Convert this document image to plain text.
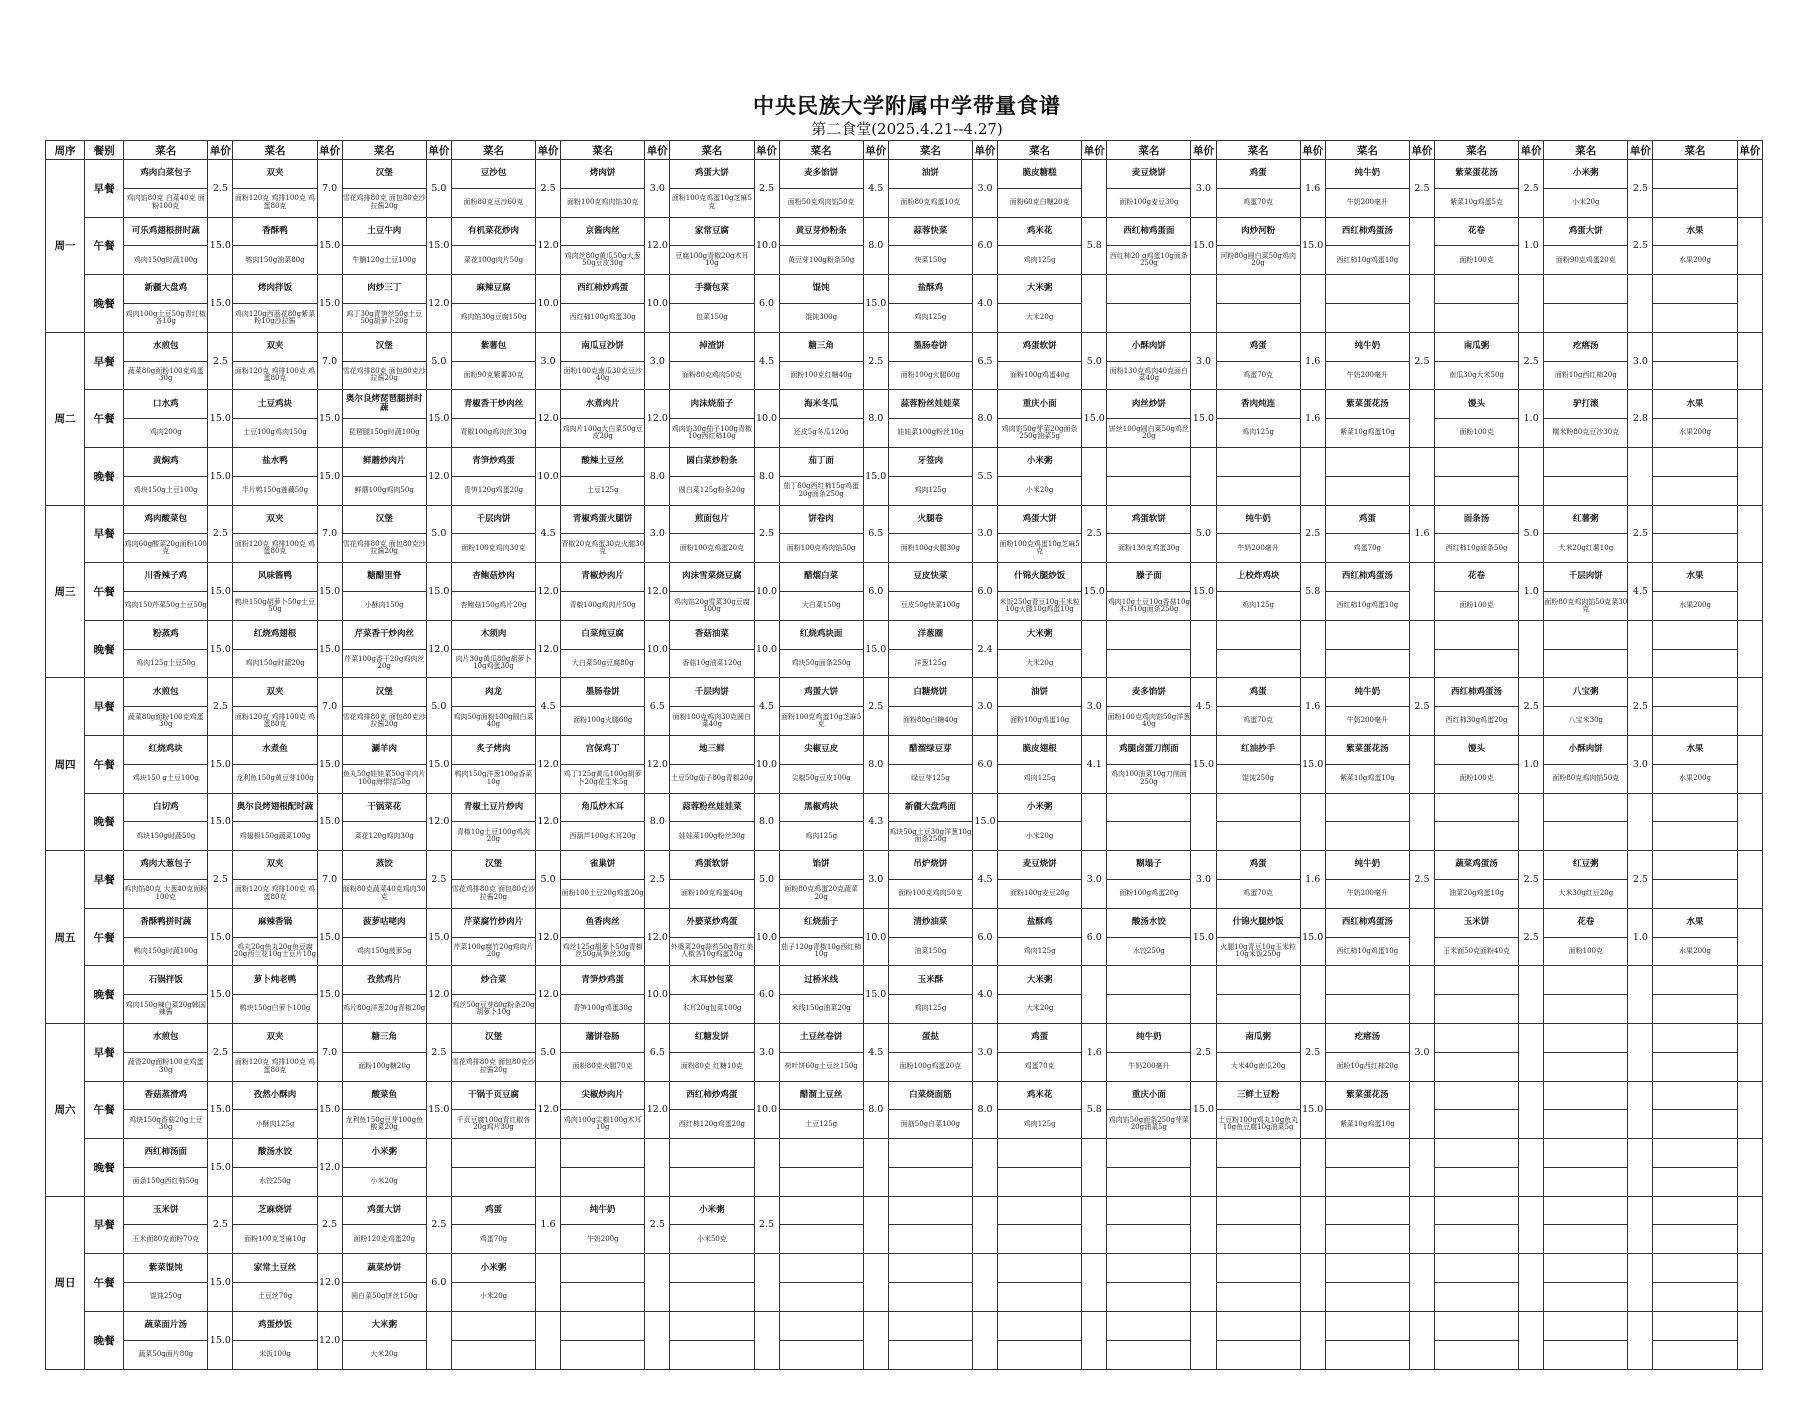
中央民族大学附属中学带量食谱
第二食堂(2025.4.21--4.27)
周序	餐别	菜名	单价	菜名	单价	菜名	单价	菜名	单价	菜名	单价	菜名	单价	菜名	单价	菜名	单价	菜名	单价	菜名	单价	菜名	单价	菜名	单价	菜名	单价	菜名	单价	菜名	单价
周一	早餐	鸡肉白菜包子	2.5	双夹	7.0	汉堡	5.0	豆沙包	2.5	烤肉饼	3.0	鸡蛋大饼	2.5	麦多馅饼	4.5	油饼	3.0	脆皮糖糕		麦豆烧饼	3.0	鸡蛋	1.6	纯牛奶	2.5	紫菜蛋花汤	2.5	小米粥	2.5		
		鸡肉馅80克 白菜40克 面粉100克		面粉120克 鸡排100克 鸡蛋80克		雪花鸡排80克 面包80克沙拉酱20g		面粉80克豆沙60克		面粉100克鸡肉馅30克		面粉100克鸡蛋10g芝麻5克		面粉50克鸡肉馅50克		面粉80克鸡蛋10克		面粉60克白糖20克		面粉100g麦豆30g		鸡蛋70克		牛奶200毫升		紫菜10g鸡蛋5克		小米20g			
	午餐	可乐鸡翅根拼时蔬	15.0	香酥鸭	15.0	土豆牛肉	15.0	有机菜花炒肉	12.0	京酱肉丝	12.0	家常豆腐	10.0	黄豆芽炒粉条	8.0	蒜蓉快菜	6.0	鸡米花	5.8	西红柿鸡蛋面	15.0	肉炒河粉	15.0	西红柿鸡蛋汤		花卷	1.0	鸡蛋大饼	2.5	水果	
		鸡肉150g时蔬100g		鸭肉150g油菜80g		牛腩120g土豆100g		菜花100g肉片50g		鸡肉丝80g黄瓜50g大葱50g豆皮30g		豆腐100g青椒20g木耳10g		黄豆芽100g粉条50g		快菜150g		鸡肉125g		西红柿20 g鸡蛋10g面条250g		河粉80g圆白菜50g鸡肉20g		西红柿10g鸡蛋10g		面粉100克		面粉90克鸡蛋20克		水果200g	
	晚餐	新疆大盘鸡	15.0	烤肉拌饭	15.0	肉炒三丁	12.0	麻辣豆腐	10.0	西红柿炒鸡蛋	10.0	手撕包菜	6.0	馄饨	15.0	盐酥鸡	4.0	大米粥													
		鸡肉100g土豆50g青红椒各10g		鸡肉120g西蓝花80g紫菜粉10g沙拉酱		鸡丁30g青笋丝50g土豆50g胡萝卜20g		鸡肉馅30g豆腐150g		西红柿100g鸡蛋30g		包菜150g		馄饨300g		鸡肉125g		大米20g													
周二	早餐	水煎包	2.5	双夹	7.0	汉堡	5.0	紫薯包	3.0	南瓜豆沙饼	3.0	掉渣饼	4.5	糖三角	2.5	墨肠卷饼	6.5	鸡蛋软饼	5.0	小酥肉饼	3.0	鸡蛋	1.6	纯牛奶	2.5	南瓜粥	2.5	疙瘩汤	3.0		
		蔬菜80g面粉100克鸡蛋30g		面粉120克 鸡排100克 鸡蛋80克		雪花鸡排80克 面包80克沙拉酱20g		面粉90克紫薯30克		面粉100克南瓜30克豆沙40g		面粉80克鸡肉50克		面粉100克红糖40g		面粉100g火腿60g		面粉100g鸡蛋40g		面粉130克鸡肉40克面白菜40g		鸡蛋70克		牛奶200毫升		南瓜30g大米50g		面粉10g西红柿20g			
	午餐	口水鸡	15.0	土豆鸡块	15.0	奥尔良烤琵琶腿拼时蔬	15.0	青椒香干炒肉丝	12.0	水煮肉片	12.0	肉沫烧茄子	10.0	海米冬瓜	8.0	蒜蓉粉丝娃娃菜	8.0	重庆小面	15.0	肉丝炒饼	15.0	香肉炖连	1.6	紫菜蛋花汤		馒头	1.0	驴打滚	2.8	水果	
		鸡肉200g		土豆100g鸡肉150g		琵琶腿150g时蔬100g		青椒100g鸡肉丝30g		鸡肉片100g大白菜50g豆皮20g		鸡肉馅30g茄子100g青椒10g西红柿10g		还皮5g冬瓜120g		娃娃菜100g粉丝10g		鸡肉馅50g芽菜20g面条250g油菜5g		饼丝100g圆白菜50g鸡丝20g		鸡肉125g		紫菜10g鸡蛋10g		面粉100克		糯米粉80克豆沙30克		水果200g	
	晚餐	黄焖鸡	15.0	盐水鸭	15.0	鲜蘑炒肉片	12.0	青笋炒鸡蛋	10.0	酸辣土豆丝	8.0	圆白菜炒粉条	8.0	茄丁面	15.0	牙签肉	5.5	小米粥													
		鸡块150g土豆100g		半片鸭150g莲藕50g		鲜蘑100g鸡肉50g		青笋120g鸡蛋20g		土豆125g		圆白菜125g粉条20g		茄丁60g西红柿15g鸡蛋20g面条250g		鸡肉125g		小米20g													
周三	早餐	鸡肉酸菜包	2.5	双夹	7.0	汉堡	5.0	千层肉饼	4.5	青椒鸡蛋火腿饼	3.0	煎面包片	2.5	饼卷肉	6.5	火腿卷	3.0	鸡蛋大饼	2.5	鸡蛋软饼	5.0	纯牛奶	2.5	鸡蛋	1.6	面条汤	5.0	红薯粥	2.5		
		鸡肉60g酸菜20g面粉100克		面粉120克 鸡排100克 鸡蛋80克		雪花鸡排80克 面包80克沙拉酱20g		面粉100克鸡肉30克		青椒20克鸡蛋30克火腿30克		面粉100克鸡蛋20克		面粉100克鸡肉馅50g		面粉100g火腿30g		面粉100克鸡蛋10g芝麻5克		面粉130克鸡蛋30g		牛奶200毫升		鸡蛋70g		西红柿10g面条50g		大米20g红薯10g			
	午餐	川香辣子鸡	15.0	风味酱鸭	15.0	糖醋里脊	15.0	杏鲍菇炒肉	12.0	青椒炒肉片	12.0	肉沫雪菜烧豆腐	10.0	醋熘白菜	6.0	豆皮快菜	6.0	什锦火腿炒饭	15.0	臊子面	15.0	上校炸鸡块	5.8	西红柿鸡蛋汤		花卷	1.0	千层肉饼	4.5	水果	
		鸡肉150芹菜50g土豆50g		鸭块150g胡萝卜50g土豆50g		小酥肉150g		杏鲍菇150g鸡片20g		青椒100g鸡肉片50g		鸡肉馅20g雪菜30g豆腐100g		大白菜150g		豆皮50g快菜100g		米饭250g青豆10g玉米粒10g火腿10g鸡蛋10g		鸡肉10g土豆10g香菇10g木耳10g面条250g		鸡肉125g		西红柿10g鸡蛋10g		面粉100克		面粉80克鸡肉馅50克菜30克		水果200g	
	晚餐	粉蒸鸡	15.0	红烧鸡翅根	15.0	芹菜香干炒肉丝	12.0	木须肉	12.0	白菜炖豆腐	10.0	香菇油菜	10.0	红烧鸡块面	15.0	洋葱圈	2.4	大米粥													
		鸡肉125g土豆50g		鸡肉150g时蔬20g		芹菜100g香干20g鸡肉丝20g		肉片30g黄瓜80g胡萝卜10g鸡蛋30g		大白菜50g豆腐80g		香菇10g油菜120g		鸡块50g面条250g		洋葱125g		大米20g													
周四	早餐	水煎包	2.5	双夹	7.0	汉堡	5.0	肉龙	4.5	墨肠卷饼	6.5	千层肉饼	4.5	鸡蛋大饼	2.5	白糖烧饼	3.0	油饼	3.0	麦多馅饼	4.5	鸡蛋	1.6	纯牛奶	2.5	西红柿鸡蛋汤	2.5	八宝粥	2.5		
		蔬菜80g面粉100克鸡蛋30g		面粉120克 鸡排100克 鸡蛋80克		雪花鸡排80克 面包80克沙拉酱20g		鸡肉50g面粉100g圆白菜40g		面粉100g火腿60g		面粉100克鸡肉30克圆白菜40g		面粉100克鸡蛋10g芝麻5克		面粉80g白糖40g		面粉100g鸡蛋10g		面粉100克鸡肉馅50g洋葱40g		鸡蛋70克		牛奶200毫升		西红柿30g鸡蛋20g		八宝米30g			
	午餐	红烧鸡块	15.0	水煮鱼	15.0	涮羊肉	15.0	炙子烤肉	12.0	宫保鸡丁	12.0	地三鲜	10.0	尖椒豆皮	8.0	醋溜绿豆芽	6.0	脆皮翅根	4.1	鸡腿卤蛋刀削面	15.0	红油抄手	15.0	紫菜蛋花汤		馒头	1.0	小酥肉饼	3.0	水果	
		鸡块150 g土豆100g		龙利鱼150g黄豆芽100g		鱼丸50g娃娃菜50g羊肉片100g海带结50g		鸭肉150g洋葱100g香菜10g		鸡丁125g黄瓜100g胡萝卜20g花生米5g		土豆50g茄子80g青椒20g		尖椒50g豆皮100g		绿豆芽125g		鸡肉125g		鸡肉100油菜10g刀削面250g		馄饨250g		紫菜10g鸡蛋10g		面粉100克		面粉80克鸡肉馅50克		水果200g	
	晚餐	白切鸡	15.0	奥尔良烤翅根配时蔬	15.0	干锅菜花	12.0	青椒土豆片炒肉	12.0	角瓜炒木耳	8.0	蒜蓉粉丝娃娃菜	8.0	黑椒鸡块	4.3	新疆大盘鸡面	15.0	小米粥													
		鸡块150g时蔬50g		鸡翅根150g蔬菜100g		菜花120g鸡肉30g		青椒10g土豆100g鸡肉20g		西葫芦100g木耳20g		娃娃菜100g粉丝30g		鸡肉125g		鸡块50g土豆30g洋葱10g面条250g		小米20g													
周五	早餐	鸡肉大葱包子	2.5	双夹	7.0	蒸饺	2.5	汉堡	5.0	雀巢饼	2.5	鸡蛋软饼	5.0	馅饼	3.0	吊炉烧饼	4.5	麦豆烧饼	3.0	糊塌子	3.0	鸡蛋	1.6	纯牛奶	2.5	蔬菜鸡蛋汤	2.5	红豆粥	2.5		
		鸡肉馅80克 大葱40克面粉100克		面粉120克 鸡排100克 鸡蛋80克		面粉80克蔬菜40克鸡肉30克		雪花鸡排80克 面包80克沙拉酱20g		面粉100土豆20g鸡蛋20g		面粉100克鸡蛋40g		面粉80克鸡蛋20克蔬菜20g		面粉100克鸡肉50克		面粉100g麦豆20g		面粉100g鸡蛋20g		鸡蛋70克		牛奶200毫升		油菜20g鸡蛋10g		大米30g红豆20g			
	午餐	香酥鸭拼时蔬	15.0	麻辣香锅	15.0	菠萝咕咾肉	15.0	芹菜腐竹炒肉片	12.0	鱼香肉丝	12.0	外婆菜炒鸡蛋	10.0	红烧茄子	10.0	清炒油菜	6.0	盐酥鸡	6.0	酸汤水饺	15.0	什锦火腿炒饭	15.0	西红柿鸡蛋汤		玉米饼	2.5	花卷	1.0	水果	
		鸭肉150g时蔬100g		鸡丸20g鱼丸20g鱼豆腐20g西兰花10g土豆片10g		鸡肉150g菠萝5g		芹菜100g腐竹20g鸡肉片20g		鸡丝125g胡萝卜50g青椒丝50g莴笋丝30g		外婆菜20g蒜苔50g青红美人椒各10g鸡蛋20g		茄子120g青椒10g西红柿10g		油菜150g		鸡肉125g		水饺250g		火腿10g青豆10g玉米粒10g米饭250g		西红柿10g鸡蛋10g		玉米面50克面粉40克		面粉100克		水果200g	
	晚餐	石锅拌饭	15.0	萝卜炖老鸭	15.0	孜然鸡片	12.0	炒合菜	12.0	青笋炒鸡蛋	10.0	木耳炒包菜	6.0	过桥米线	15.0	玉米酥	4.0	大米粥													
		鸡肉150g辣白菜20g韩国辣酱		鸭块150g白萝卜100g		鸡片80g洋葱20g青椒20g		鸡丝50g豆芽80g粉条20g胡萝卜10g		青笋100g鸡蛋30g		木耳20g包菜100g		米线150g油菜20g		鸡肉125g		大米20g													
周六	早餐	水煎包	2.5	双夹	7.0	糖三角	2.5	汉堡	5.0	藩饼卷肠	6.5	红糖发饼	3.0	土豆丝卷饼	4.5	蛋挞	3.0	鸡蛋	1.6	纯牛奶	2.5	南瓜粥	2.5	疙瘩汤	3.0						
		蔬香20g面粉100克鸡蛋30g		面粉120克 鸡排100克 鸡蛋80克		面粉100g糖20g		雪花鸡排80克 面包80克沙拉酱20g		面粉80克火腿70克		面粉80克 红糖10克		荷叶饼60g土豆丝150g		面粉100g鸡蛋20克		鸡蛋70克		牛奶200毫升		大米40g南瓜20g		面粉10g西红柿20g							
	午餐	香菇蒸滑鸡	15.0	孜然小酥肉	15.0	酸菜鱼	15.0	干锅千页豆腐	12.0	尖椒炒肉片	12.0	西红柿炒鸡蛋	10.0	醋溜土豆丝	8.0	白菜烧面筋	8.0	鸡米花	5.8	重庆小面	15.0	三鲜土豆粉	15.0	紫菜蛋花汤							
		鸡块150g香菇20g土豆30g		小酥肉125g		龙利鱼150g豆芽100g鱼酸菜20g		千页豆腐100g青红椒各20g鸡片30g		鸡肉100g尖椒100g木耳10g		西红柿120g鸡蛋20g		土豆125g		面筋50g白菜100g		鸡肉125g		鸡肉馅50g面条250g芽菜20g油菜5g		土豆粉100g鸡丸10g鱼丸10g鱼豆腐10g油菜5g		紫菜10g鸡蛋10g							
	晚餐	西红柿汤面	15.0	酸汤水饺	12.0	小米粥																									
		面条150g西红柿50g		水饺250g		小米20g																									
周日	早餐	玉米饼	2.5	芝麻烧饼	2.5	鸡蛋大饼	2.5	鸡蛋	1.6	纯牛奶	2.5	小米粥	2.5																		
		玉米面80克面粉70克		面粉100克芝麻10g		面粉120克鸡蛋20g		鸡蛋70g		牛奶200g		小米50克																			
	午餐	紫菜馄饨	15.0	家常土豆丝	12.0	蔬菜炒饼	6.0	小米粥																							
		馄饨250g		土豆丝70g		圆白菜50g饼丝150g		小米20g																							
	晚餐	蔬菜面片汤	15.0	鸡蛋炒饭	12.0	大米粥																									
		蔬菜50g面片80g		米饭100g		大米20g																									
